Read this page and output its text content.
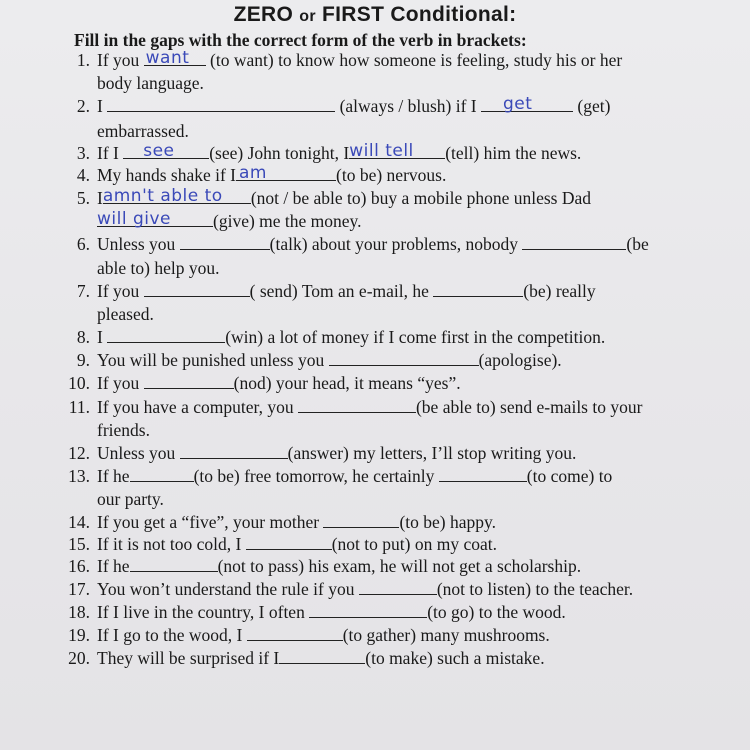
ZERO or FIRST Conditional:
Fill in the gaps with the correct form of the verb in brackets:
1. If you want (to want) to know how someone is feeling, study his or her
body language.
2. I	(always / blush) if I get	(get)
embarrassed.
3. If I see (see) John tonight, I will tell (tell) him the news.
4. My hands shake if I am	(to be) nervous.
5. I amn't able to (not / be able to) buy a mobile phone unless Dad
will give (give) me the money.
6. Unless you	(talk) about your problems, nobody	(be
able to) help you.
7. If you	( send) Tom an e-mail, he	(be) really
pleased.
8. I	(win) a lot of money if I come first in the competition.
9. You will be punished unless you	(apologise).
10. If you	(nod) your head, it means “yes”.
11. If you have a computer, you	(be able to) send e-mails to your
friends.
12. Unless you	(answer) my letters, I’ll stop writing you.
13. If he	(to be) free tomorrow, he certainly	(to come) to
our party.
14. If you get a “five”, your mother	(to be) happy.
15. If it is not too cold, I	(not to put) on my coat.
16. If he	(not to pass) his exam, he will not get a scholarship.
17. You won’t understand the rule if you	(not to listen) to the teacher.
18. If I live in the country, I often	(to go) to the wood.
19. If I go to the wood, I	(to gather) many mushrooms.
20. They will be surprised if I	(to make) such a mistake.
